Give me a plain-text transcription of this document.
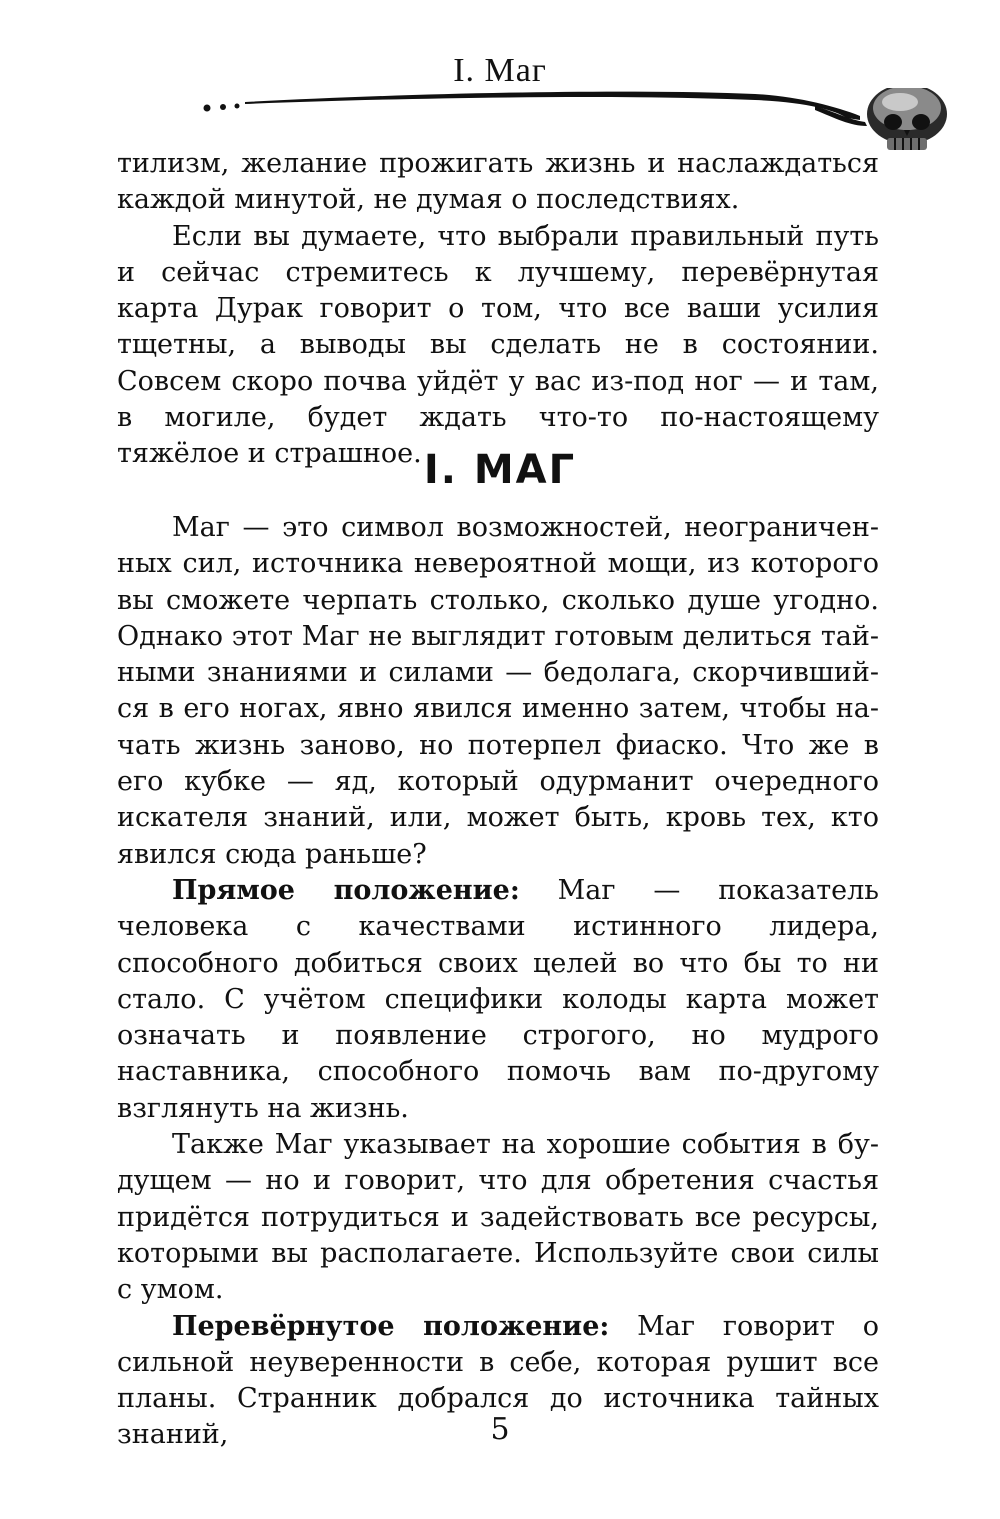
I. Маг

тилизм, желание прожигать жизнь и наслаждаться каждой минутой, не думая о последствиях.

Если вы думаете, что выбрали правильный путь и сейчас стремитесь к лучшему, перевёрнутая карта Дурак говорит о том, что все ваши усилия тщетны, а выводы вы сделать не в состоянии. Совсем скоро почва уйдёт у вас из-под ног — и там, в могиле, будет ждать что-то по-настоящему тяжёлое и страшное. I. МАГ

Маг — это символ возможностей, неограниченных сил, источника невероятной мощи, из которого вы сможете черпать столько, сколько душе угодно. Однако этот Маг не выглядит готовым делиться тайными знаниями и силами — бедолага, скорчившийся в его ногах, явно явился именно затем, чтобы начать жизнь заново, но потерпел фиаско. Что же в его кубке — яд, который одурманит очередного искателя знаний, или, может быть, кровь тех, кто явился сюда раньше?

Прямое положение: Маг — показатель человека с качествами истинного лидера, способного добиться своих целей во что бы то ни стало. С учётом специфики колоды карта может означать и появление строгого, но мудрого наставника, способного помочь вам по-другому взглянуть на жизнь.

Также Маг указывает на хорошие события в будущем — но и говорит, что для обретения счастья придётся потрудиться и задействовать все ресурсы, которыми вы располагаете. Используйте свои силы с умом.

Перевёрнутое положение: Маг говорит о сильной неуверенности в себе, которая рушит все планы. Странник добрался до источника тайных знаний,	5
